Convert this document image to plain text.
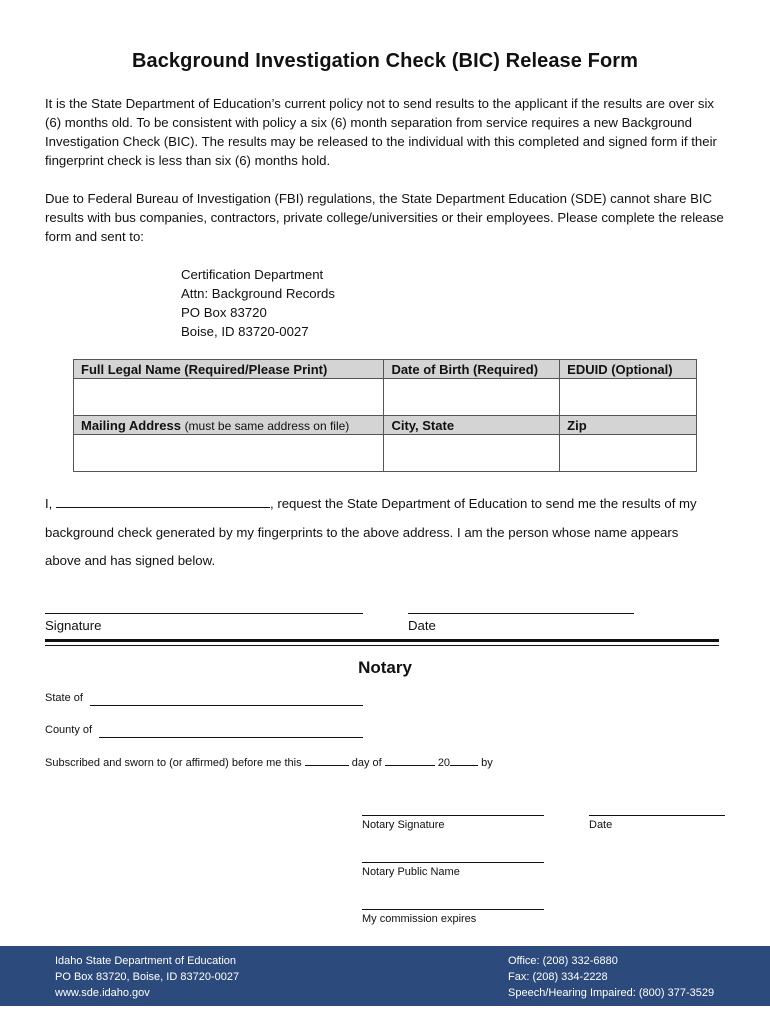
Background Investigation Check (BIC) Release Form
It is the State Department of Education’s current policy not to send results to the applicant if the results are over six (6) months old. To be consistent with policy a six (6) month separation from service requires a new Background Investigation Check (BIC). The results may be released to the individual with this completed and signed form if their fingerprint check is less than six (6) months hold.
Due to Federal Bureau of Investigation (FBI) regulations, the State Department Education (SDE) cannot share BIC results with bus companies, contractors, private college/universities or their employees. Please complete the release form and sent to:
Certification Department
Attn: Background Records
PO Box 83720
Boise, ID 83720-0027
Full Legal Name (Required/Please Print)	Date of Birth (Required)	EDUID (Optional)

Mailing Address (must be same address on file)	City, State	Zip

I,	, request the State Department of Education to send me the results of my
background check generated by my fingerprints to the above address. I am the person whose name appears
above and has signed below.
Signature	Date
Notary
State of
County of
Subscribed and sworn to (or affirmed) before me this	day of	20	by
Notary Signature	Date
Notary Public Name
My commission expires
Idaho State Department of Education
PO Box 83720, Boise, ID 83720-0027
www.sde.idaho.gov
Office: (208) 332-6880
Fax: (208) 334-2228
Speech/Hearing Impaired: (800) 377-3529
